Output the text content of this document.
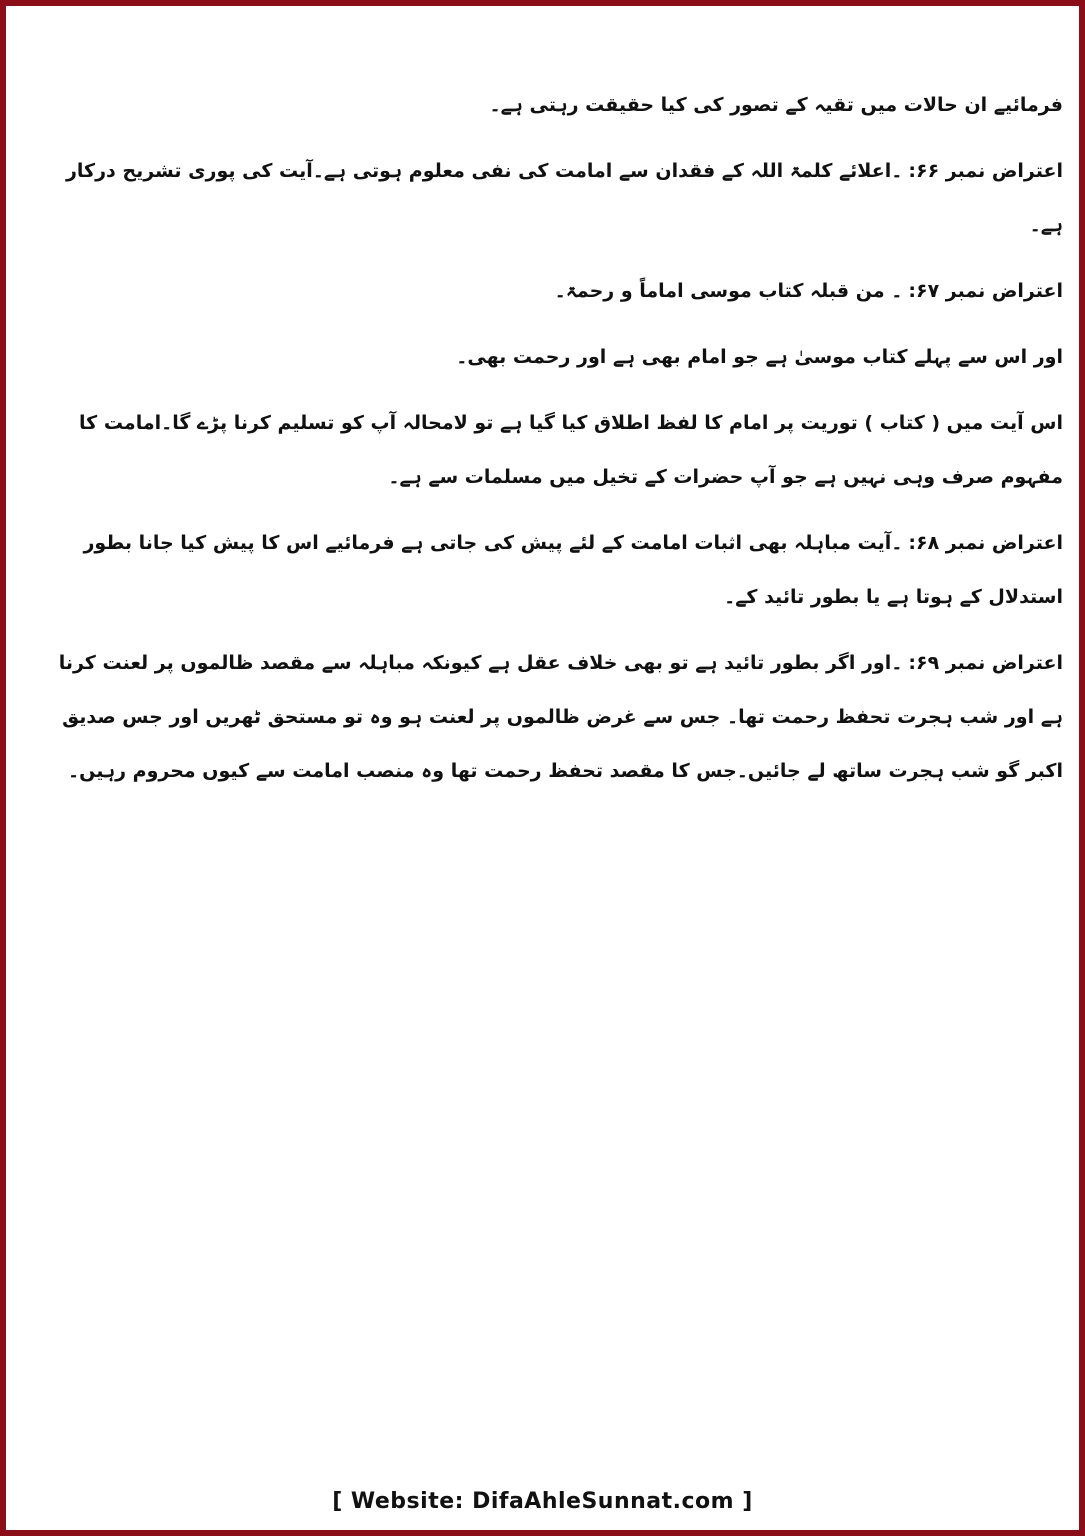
فرمائیے ان حالات میں تقیہ کے تصور کی کیا حقیقت رہتی ہے۔

اعتراض نمبر ۶۶:۔اعلائے کلمۃ اللہ کے فقدان سے امامت کی نفی معلوم ہوتی ہے۔آیت کی پوری تشریح درکار ہے۔

اعتراض نمبر ۶۷:۔ من قبلہ کتاب موسی اماماً و رحمۃ۔

اور اس سے پہلے کتاب موسیٰ ہے جو امام بھی ہے اور رحمت بھی۔

اس آیت میں ( کتاب ) توریت پر امام کا لفظ اطلاق کیا گیا ہے تو لامحالہ آپ کو تسلیم کرنا پڑے گا۔امامت کا مفہوم صرف وہی نہیں ہے جو آپ حضرات کے تخیل میں مسلمات سے ہے۔

اعتراض نمبر ۶۸:۔آیت مباہلہ بھی اثبات امامت کے لئے پیش کی جاتی ہے فرمائیے اس کا پیش کیا جانا بطور استدلال کے ہوتا ہے یا بطور تائید کے۔

اعتراض نمبر ۶۹:۔اور اگر بطور تائید ہے تو بھی خلاف عقل ہے کیونکہ مباہلہ سے مقصد ظالموں پر لعنت کرنا ہے اور شب ہجرت تحفظ رحمت تھا۔ جس سے غرض ظالموں پر لعنت ہو وہ تو مستحق ٹھریں اور جس صدیق اکبر گو شب ہجرت ساتھ لے جائیں۔جس کا مقصد تحفظ رحمت تھا وہ منصب امامت سے کیوں محروم رہیں۔

[ Website: DifaAhleSunnat.com ]
